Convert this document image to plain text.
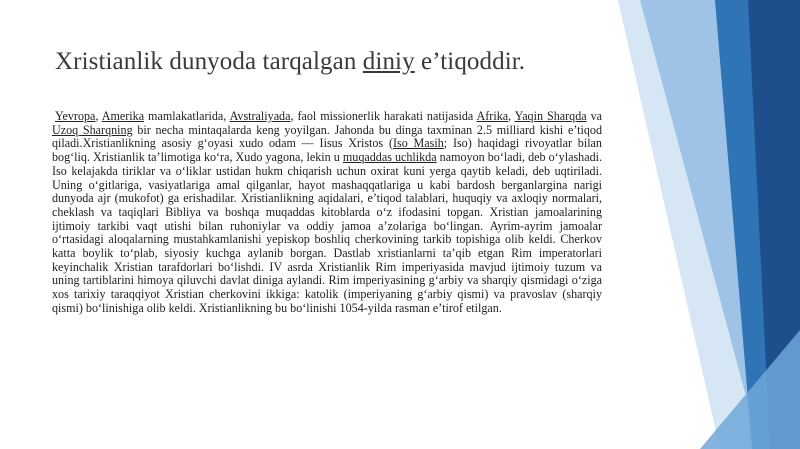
Xristianlik dunyoda tarqalgan diniy e’tiqoddir.
Yevropa, Amerika mamlakatlarida, Avstraliyada, faol missionerlik harakati natijasida Afrika, Yaqin Sharqda va Uzoq Sharqning bir necha mintaqalarda keng yoyilgan. Jahonda bu dinga taxminan 2.5 milliard kishi e’tiqod qiladi.Xristianlikning asosiy gʻoyasi xudo odam — Iisus Xristos (Iso Masih; Iso) haqidagi rivoyatlar bilan bogʻliq. Xristianlik ta’limotiga koʻra, Xudo yagona, lekin u muqaddas uchlikda namoyon boʻladi, deb oʻylashadi. Iso kelajakda tiriklar va oʻliklar ustidan hukm chiqarish uchun oxirat kuni yerga qaytib keladi, deb uqtiriladi. Uning oʻgitlariga, vasiyatlariga amal qilganlar, hayot mashaqqatlariga u kabi bardosh berganlargina narigi dunyoda ajr (mukofot) ga erishadilar. Xristianlikning aqidalari, e’tiqod talablari, huquqiy va axloqiy normalari, cheklash va taqiqlari Bibliya va boshqa muqaddas kitoblarda oʻz ifodasini topgan. Xristian jamoalarining ijtimoiy tarkibi vaqt utishi bilan ruhoniylar va oddiy jamoa a’zolariga boʻlingan. Ayrim-ayrim jamoalar oʻrtasidagi aloqalarning mustahkamlanishi yepiskop boshliq cherkovining tarkib topishiga olib keldi. Cherkov katta boylik toʻplab, siyosiy kuchga aylanib borgan. Dastlab xristianlarni ta’qib etgan Rim imperatorlari keyinchalik Xristian tarafdorlari boʻlishdi. IV asrda Xristianlik Rim imperiyasida mavjud ijtimoiy tuzum va uning tartiblarini himoya qiluvchi davlat diniga aylandi. Rim imperiyasining gʻarbiy va sharqiy qismidagi oʻziga xos tarixiy taraqqiyot Xristian cherkovini ikkiga: katolik (imperiyaning gʻarbiy qismi) va pravoslav (sharqiy qismi) boʻlinishiga olib keldi. Xristianlikning bu boʻlinishi 1054-yilda rasman e’tirof etilgan.
